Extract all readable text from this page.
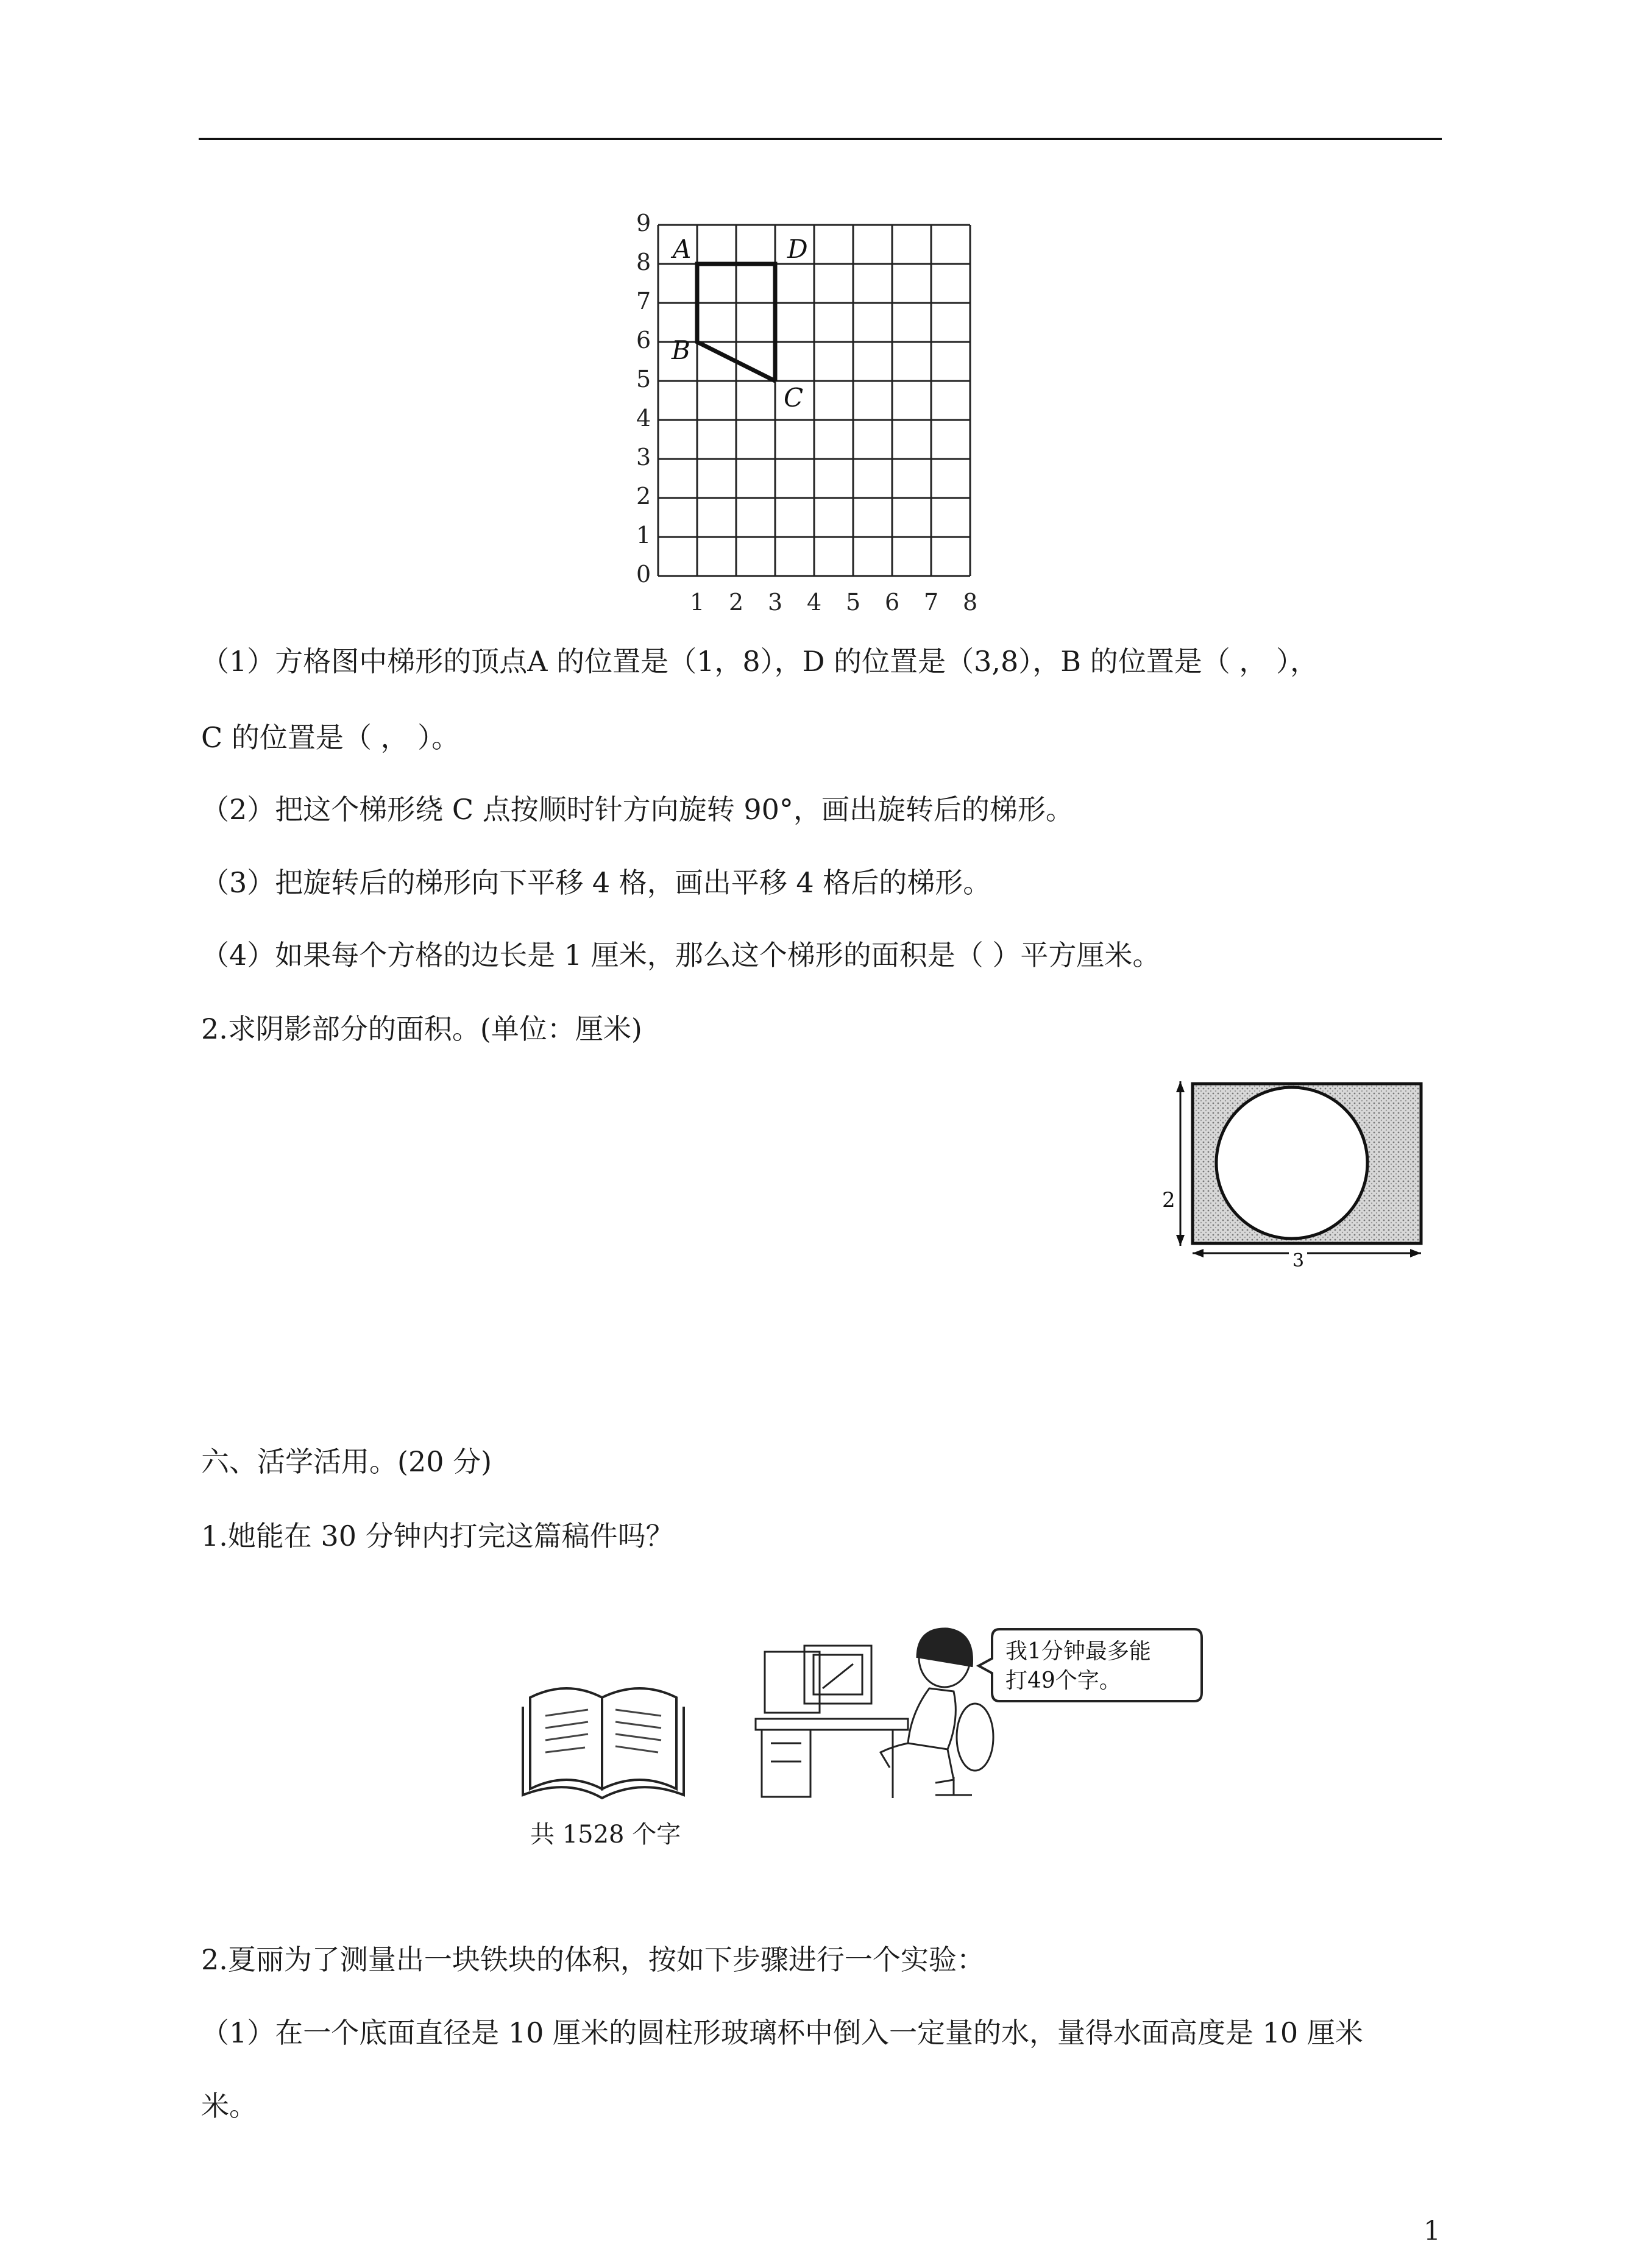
0
1
2
3
4
5
6
7
8
9
1 2 3 4 5 6 7 8
A	D
B
C
（1）方格图中梯形的顶点A 的位置是（1，8），D 的位置是（3,8），B 的位置是（ ， ），
C 的位置是（ ， ）。
（2）把这个梯形绕 C 点按顺时针方向旋转 90°，画出旋转后的梯形。
（3）把旋转后的梯形向下平移 4 格，画出平移 4 格后的梯形。
（4）如果每个方格的边长是 1 厘米，那么这个梯形的面积是（ ）平方厘米。
2.求阴影部分的面积。(单位：厘米)
2
3
六、活学活用。(20 分)
1.她能在 30 分钟内打完这篇稿件吗？
共 1528 个字
我1分钟最多能
打49个字。
2.夏丽为了测量出一块铁块的体积，按如下步骤进行一个实验：
（1）在一个底面直径是 10 厘米的圆柱形玻璃杯中倒入一定量的水，量得水面高度是 10 厘米
米。
1
